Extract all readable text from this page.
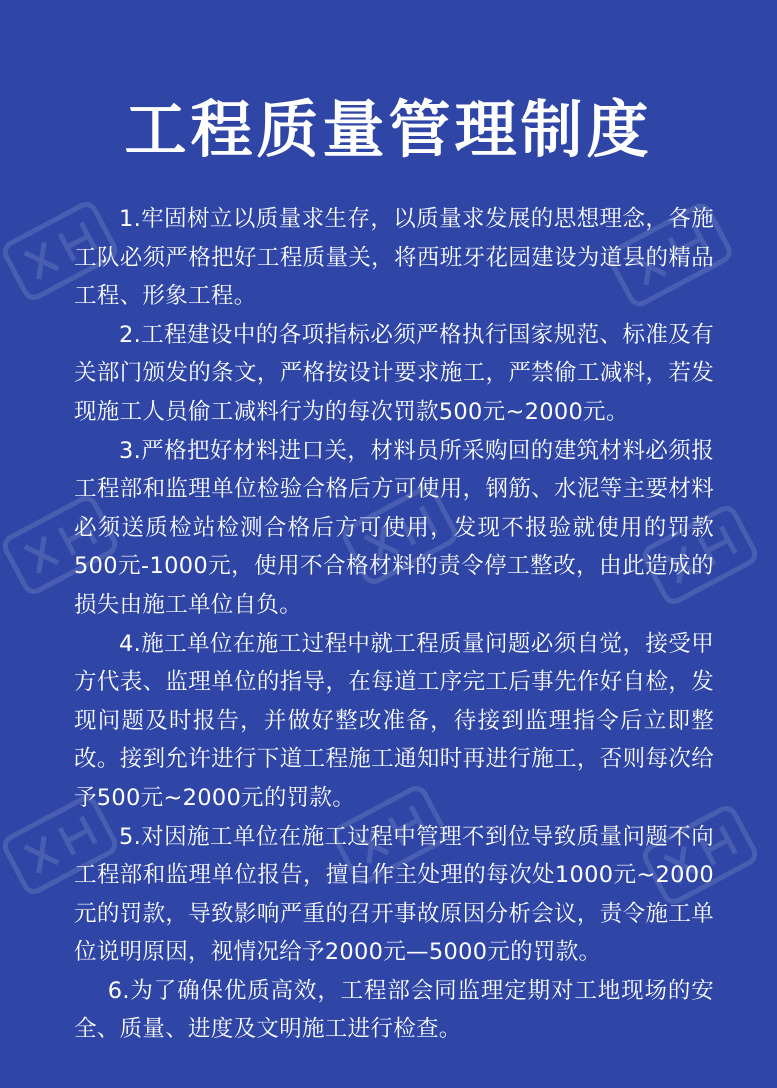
工程质量管理制度

1.牢固树立以质量求生存，以质量求发展的思想理念，各施工队必须严格把好工程质量关，将西班牙花园建设为道县的精品工程、形象工程。

2.工程建设中的各项指标必须严格执行国家规范、标准及有关部门颁发的条文，严格按设计要求施工，严禁偷工减料，若发现施工人员偷工减料行为的每次罚款500元~2000元。

3.严格把好材料进口关，材料员所采购回的建筑材料必须报工程部和监理单位检验合格后方可使用，钢筋、水泥等主要材料必须送质检站检测合格后方可使用，发现不报验就使用的罚款500元-1000元，使用不合格材料的责令停工整改，由此造成的损失由施工单位自负。

4.施工单位在施工过程中就工程质量问题必须自觉，接受甲方代表、监理单位的指导，在每道工序完工后事先作好自检，发现问题及时报告，并做好整改准备，待接到监理指令后立即整改。接到允许进行下道工程施工通知时再进行施工，否则每次给予500元~2000元的罚款。

5.对因施工单位在施工过程中管理不到位导致质量问题不向工程部和监理单位报告，擅自作主处理的每次处1000元~2000元的罚款，导致影响严重的召开事故原因分析会议，责令施工单位说明原因，视情况给予2000元—5000元的罚款。

6.为了确保优质高效，工程部会同监理定期对工地现场的安全、质量、进度及文明施工进行检查。
